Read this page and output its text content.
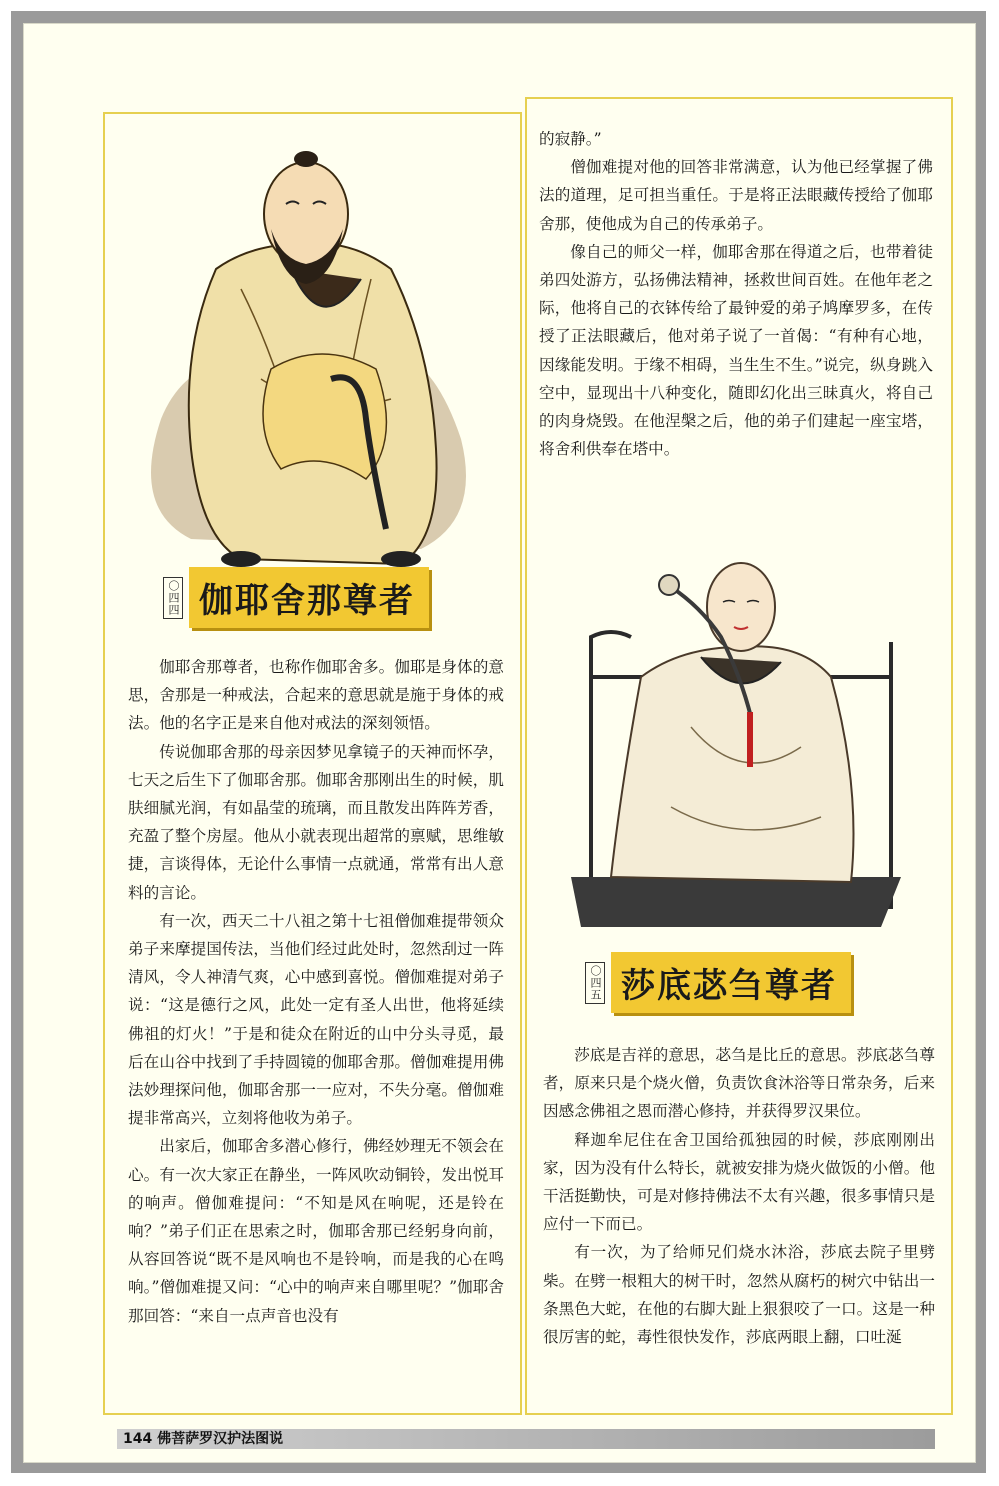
〇四四 伽耶舍那尊者
〇四五 莎底苾刍尊者

伽耶舍那尊者，也称作伽耶舍多。伽耶是身体的意思，舍那是一种戒法，合起来的意思就是施于身体的戒法。他的名字正是来自他对戒法的深刻领悟。

传说伽耶舍那的母亲因梦见拿镜子的天神而怀孕，七天之后生下了伽耶舍那。伽耶舍那刚出生的时候，肌肤细腻光润，有如晶莹的琉璃，而且散发出阵阵芳香，充盈了整个房屋。他从小就表现出超常的禀赋，思维敏捷，言谈得体，无论什么事情一点就通，常常有出人意料的言论。

有一次，西天二十八祖之第十七祖僧伽难提带领众弟子来摩提国传法，当他们经过此处时，忽然刮过一阵清风，令人神清气爽，心中感到喜悦。僧伽难提对弟子说：“这是德行之风，此处一定有圣人出世，他将延续佛祖的灯火！”于是和徒众在附近的山中分头寻觅，最后在山谷中找到了手持圆镜的伽耶舍那。僧伽难提用佛法妙理探问他，伽耶舍那一一应对，不失分毫。僧伽难提非常高兴，立刻将他收为弟子。

出家后，伽耶舍多潜心修行，佛经妙理无不领会在心。有一次大家正在静坐，一阵风吹动铜铃，发出悦耳的响声。僧伽难提问：“不知是风在响呢，还是铃在响？”弟子们正在思索之时，伽耶舍那已经躬身向前，从容回答说“既不是风响也不是铃响，而是我的心在鸣响。”僧伽难提又问：“心中的响声来自哪里呢？”伽耶舍那回答：“来自一点声音也没有

的寂静。”

僧伽难提对他的回答非常满意，认为他已经掌握了佛法的道理，足可担当重任。于是将正法眼藏传授给了伽耶舍那，使他成为自己的传承弟子。

像自己的师父一样，伽耶舍那在得道之后，也带着徒弟四处游方，弘扬佛法精神，拯救世间百姓。在他年老之际，他将自己的衣钵传给了最钟爱的弟子鸠摩罗多，在传授了正法眼藏后，他对弟子说了一首偈：“有种有心地，因缘能发明。于缘不相碍，当生生不生。”说完，纵身跳入空中，显现出十八种变化，随即幻化出三昧真火，将自己的肉身烧毁。在他涅槃之后，他的弟子们建起一座宝塔，将舍利供奉在塔中。

莎底是吉祥的意思，苾刍是比丘的意思。莎底苾刍尊者，原来只是个烧火僧，负责饮食沐浴等日常杂务，后来因感念佛祖之恩而潜心修持，并获得罗汉果位。

释迦牟尼住在舍卫国给孤独园的时候，莎底刚刚出家，因为没有什么特长，就被安排为烧火做饭的小僧。他干活挺勤快，可是对修持佛法不太有兴趣，很多事情只是应付一下而已。

有一次，为了给师兄们烧水沐浴，莎底去院子里劈柴。在劈一根粗大的树干时，忽然从腐朽的树穴中钻出一条黑色大蛇，在他的右脚大趾上狠狠咬了一口。这是一种很厉害的蛇，毒性很快发作，莎底两眼上翻，口吐涎

144 佛菩萨罗汉护法图说
